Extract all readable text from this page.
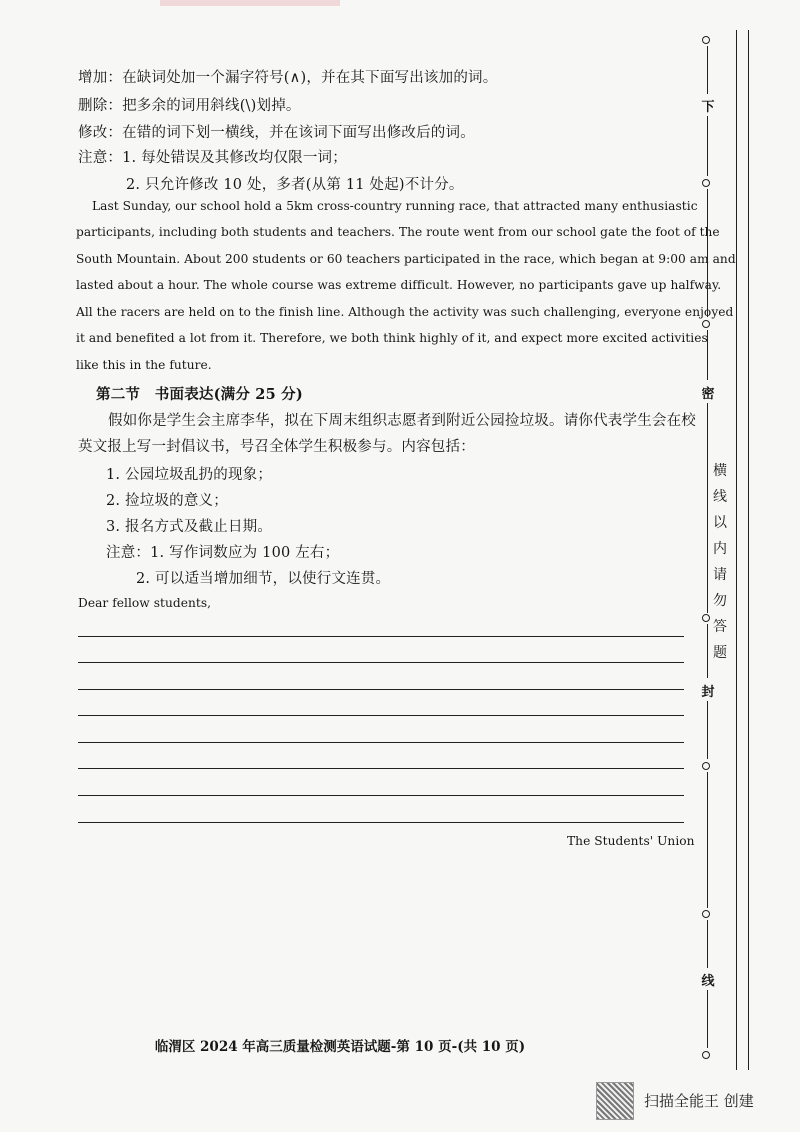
增加：在缺词处加一个漏字符号(∧)，并在其下面写出该加的词。
删除：把多余的词用斜线(\)划掉。
修改：在错的词下划一横线，并在该词下面写出修改后的词。
注意：1. 每处错误及其修改均仅限一词；
2. 只允许修改 10 处，多者(从第 11 处起)不计分。
Last Sunday, our school hold a 5km cross-country running race, that attracted many enthusiastic
participants, including both students and teachers. The route went from our school gate the foot of the
South Mountain. About 200 students or 60 teachers participated in the race, which began at 9:00 am and
lasted about a hour. The whole course was extreme difficult. However, no participants gave up halfway.
All the racers are held on to the finish line. Although the activity was such challenging, everyone enjoyed
it and benefited a lot from it. Therefore, we both think highly of it, and expect more excited activities
like this in the future.
第二节　书面表达(满分 25 分)
假如你是学生会主席李华，拟在下周末组织志愿者到附近公园捡垃圾。请你代表学生会在校
英文报上写一封倡议书，号召全体学生积极参与。内容包括：
1. 公园垃圾乱扔的现象；
2. 捡垃圾的意义；
3. 报名方式及截止日期。
注意：1. 写作词数应为 100 左右；
2. 可以适当增加细节，以使行文连贯。
Dear fellow students,
The Students' Union
临渭区 2024 年高三质量检测英语试题-第 10 页-(共 10 页)
下
密
封
线
横
线
以
内
请
勿
答
题
扫描全能王 创建
